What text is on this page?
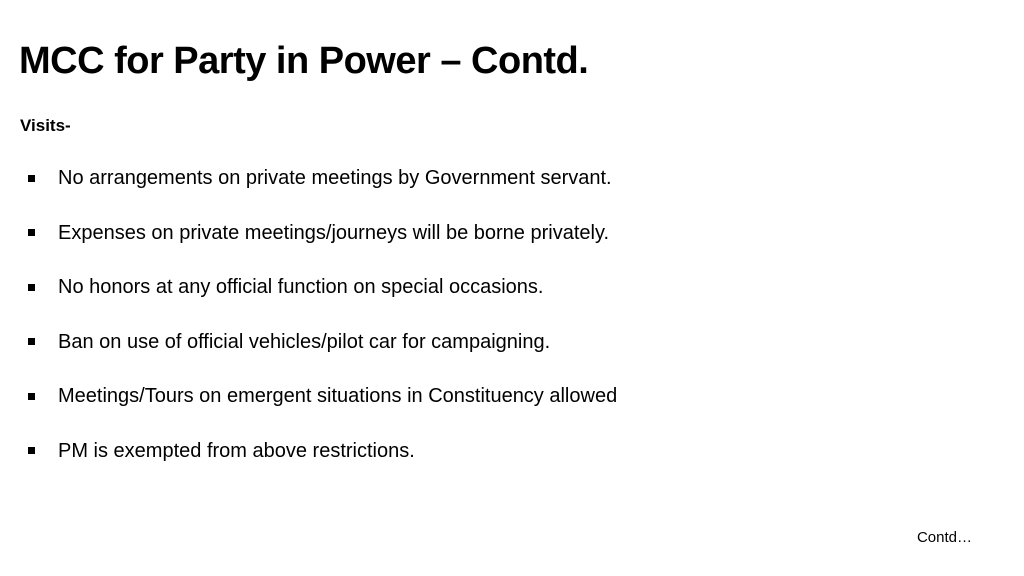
MCC for Party in Power – Contd.
Visits-
No arrangements on private meetings by Government servant.
Expenses on private meetings/journeys will be borne privately.
No honors at any official function on special occasions.
Ban on use of official vehicles/pilot car for campaigning.
Meetings/Tours on emergent situations in Constituency allowed
PM is exempted from above restrictions.
Contd…
